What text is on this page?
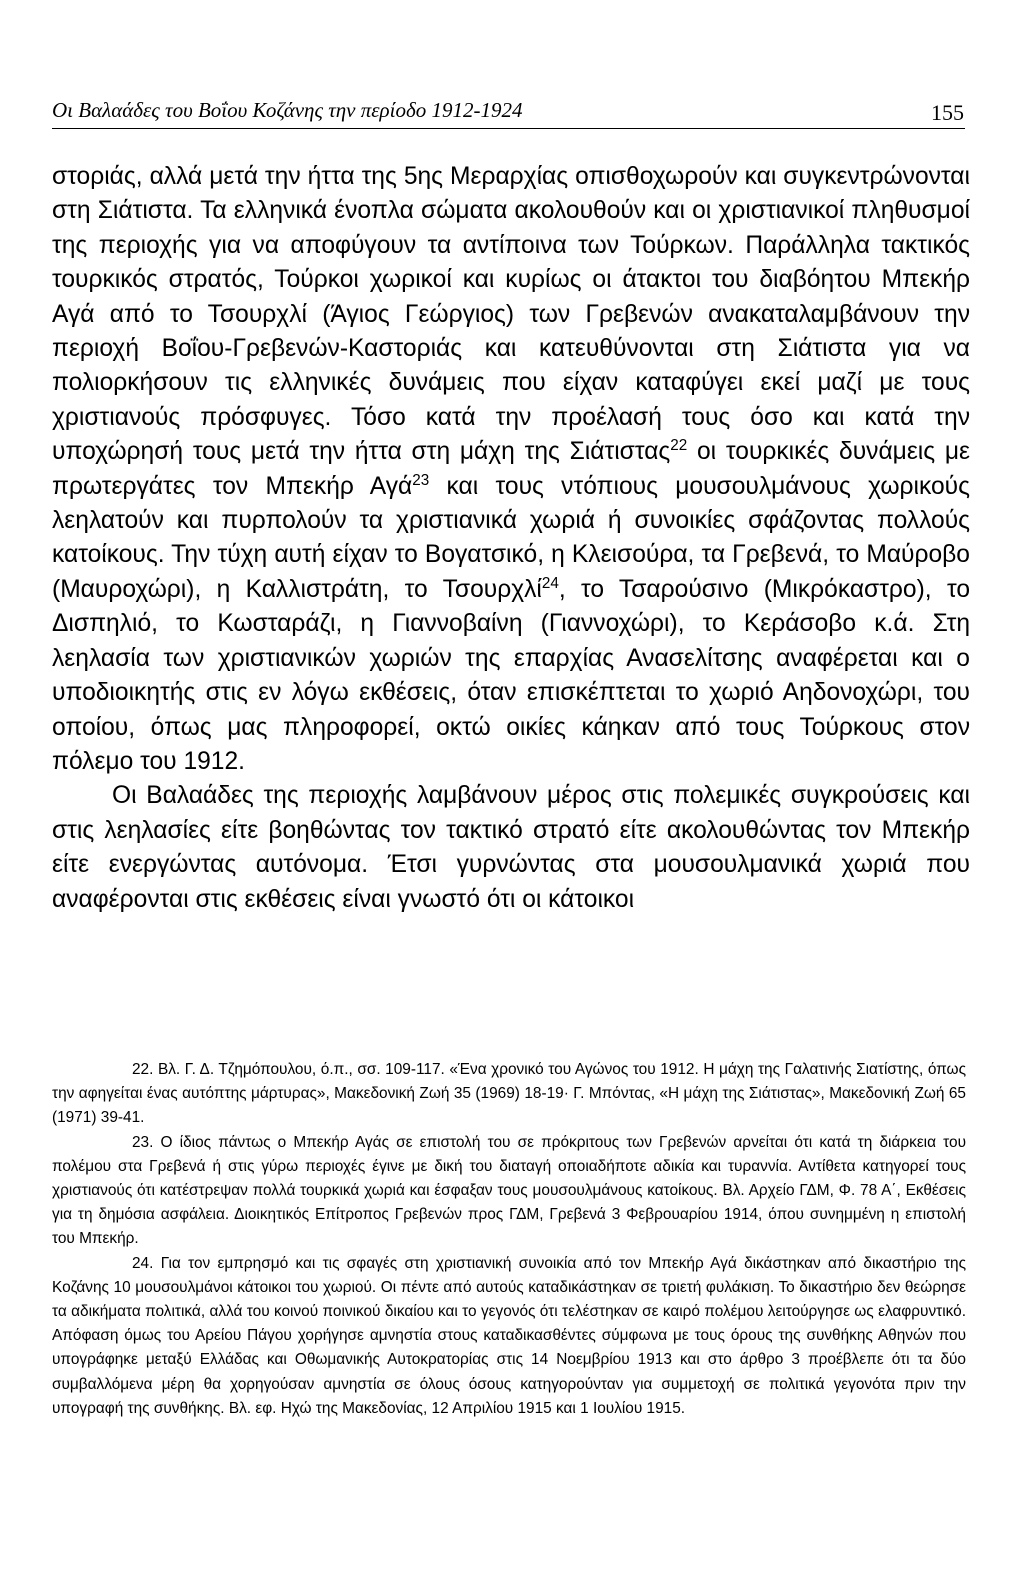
Οι Βαλαάδες του Βοΐου Κοζάνης την περίοδο 1912-1924	155

στοριάς, αλλά μετά την ήττα της 5ης Μεραρχίας οπισθοχωρούν και συγκεντρώνονται στη Σιάτιστα. Τα ελληνικά ένοπλα σώματα ακολουθούν και οι χριστιανικοί πληθυσμοί της περιοχής για να αποφύγουν τα αντίποινα των Τούρκων. Παράλληλα τακτικός τουρκικός στρατός, Τούρκοι χωρικοί και κυρίως οι άτακτοι του διαβόητου Μπεκήρ Αγά από το Τσουρχλί (Άγιος Γεώργιος) των Γρεβενών ανακαταλαμβάνουν την περιοχή Βοΐου-Γρεβενών-Καστοριάς και κατευθύνονται στη Σιάτιστα για να πολιορκήσουν τις ελληνικές δυνάμεις που είχαν καταφύγει εκεί μαζί με τους χριστιανούς πρόσφυγες. Τόσο κατά την προέλασή τους όσο και κατά την υποχώρησή τους μετά την ήττα στη μάχη της Σιάτιστας$^{22}$ οι τουρκικές δυνάμεις με πρωτεργάτες τον Μπεκήρ Αγά$^{23}$ και τους ντόπιους μουσουλμάνους χωρικούς λεηλατούν και πυρπολούν τα χριστιανικά χωριά ή συνοικίες σφάζοντας πολλούς κατοίκους. Την τύχη αυτή είχαν το Βογατσικό, η Κλεισούρα, τα Γρεβενά, το Μαύροβο (Μαυροχώρι), η Καλλιστράτη, το Τσουρχλί$^{24}$, το Τσαρούσινο (Μικρόκαστρο), το Δισπηλιό, το Κωσταράζι, η Γιαννοβαίνη (Γιαννοχώρι), το Κεράσοβο κ.ά. Στη λεηλασία των χριστιανικών χωριών της επαρχίας Ανασελίτσης αναφέρεται και ο υποδιοικητής στις εν λόγω εκθέσεις, όταν επισκέπτεται το χωριό Αηδονοχώρι, του οποίου, όπως μας πληροφορεί, οκτώ οικίες κάηκαν από τους Τούρκους στον πόλεμο του 1912.

Οι Βαλαάδες της περιοχής λαμβάνουν μέρος στις πολεμικές συγκρούσεις και στις λεηλασίες είτε βοηθώντας τον τακτικό στρατό είτε ακολουθώντας τον Μπεκήρ είτε ενεργώντας αυτόνομα. Έτσι γυρνώντας στα μουσουλμανικά χωριά που αναφέρονται στις εκθέσεις είναι γνωστό ότι οι κάτοικοι

22. Βλ. Γ. Δ. Τζημόπουλου, ό.π., σσ. 109-117. «Ένα χρονικό του Αγώνος του 1912. Η μάχη της Γαλατινής Σιατίστης, όπως την αφηγείται ένας αυτόπτης μάρτυρας», Μακεδονική Ζωή 35 (1969) 18-19· Γ. Μπόντας, «Η μάχη της Σιάτιστας», Μακεδονική Ζωή 65 (1971) 39-41.

23. Ο ίδιος πάντως ο Μπεκήρ Αγάς σε επιστολή του σε πρόκριτους των Γρεβενών αρνείται ότι κατά τη διάρκεια του πολέμου στα Γρεβενά ή στις γύρω περιοχές έγινε με δική του διαταγή οποιαδήποτε αδικία και τυραννία. Αντίθετα κατηγορεί τους χριστιανούς ότι κατέστρεψαν πολλά τουρκικά χωριά και έσφαξαν τους μουσουλμάνους κατοίκους. Βλ. Αρχείο ΓΔΜ, Φ. 78 Α΄, Εκθέσεις για τη δημόσια ασφάλεια. Διοικητικός Επίτροπος Γρεβενών προς ΓΔΜ, Γρεβενά 3 Φεβρουαρίου 1914, όπου συνημμένη η επιστολή του Μπεκήρ.

24. Για τον εμπρησμό και τις σφαγές στη χριστιανική συνοικία από τον Μπεκήρ Αγά δικάστηκαν από δικαστήριο της Κοζάνης 10 μουσουλμάνοι κάτοικοι του χωριού. Οι πέντε από αυτούς καταδικάστηκαν σε τριετή φυλάκιση. Το δικαστήριο δεν θεώρησε τα αδικήματα πολιτικά, αλλά του κοινού ποινικού δικαίου και το γεγονός ότι τελέστηκαν σε καιρό πολέμου λειτούργησε ως ελαφρυντικό. Απόφαση όμως του Αρείου Πάγου χορήγησε αμνηστία στους καταδικασθέντες σύμφωνα με τους όρους της συνθήκης Αθηνών που υπογράφηκε μεταξύ Ελλάδας και Οθωμανικής Αυτοκρατορίας στις 14 Νοεμβρίου 1913 και στο άρθρο 3 προέβλεπε ότι τα δύο συμβαλλόμενα μέρη θα χορηγούσαν αμνηστία σε όλους όσους κατηγορούνταν για συμμετοχή σε πολιτικά γεγονότα πριν την υπογραφή της συνθήκης. Βλ. εφ. Ηχώ της Μακεδονίας, 12 Απριλίου 1915 και 1 Ιουλίου 1915.
